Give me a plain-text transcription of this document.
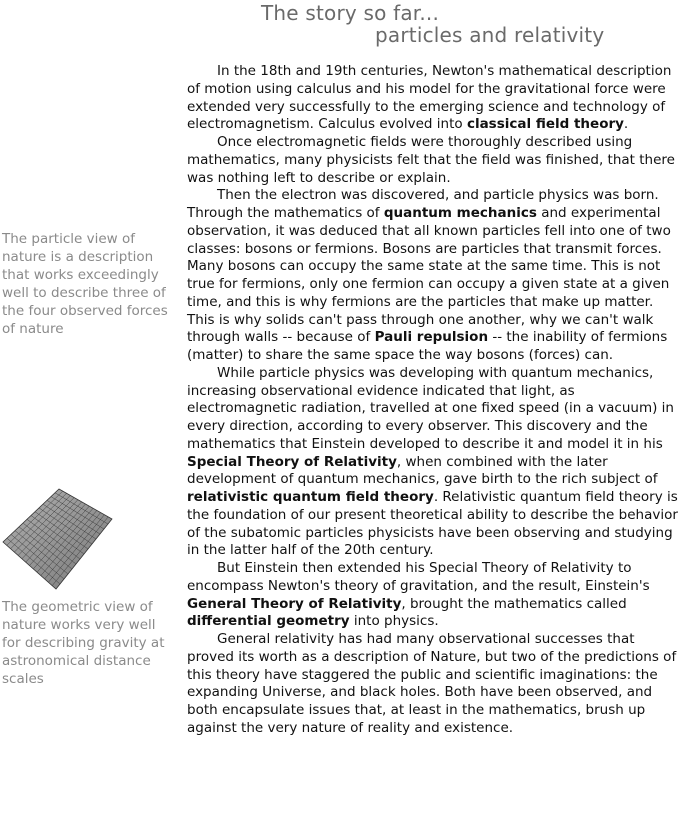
The story so far...
particles and relativity
The particle view of nature is a description that works exceedingly well to describe three of the four observed forces of nature
The geometric view of nature works very well for describing gravity at astronomical distance scales

In the 18th and 19th centuries, Newton's mathematical description of motion using calculus and his model for the gravitational force were extended very successfully to the emerging science and technology of electromagnetism. Calculus evolved into classical field theory.

Once electromagnetic fields were thoroughly described using mathematics, many physicists felt that the field was finished, that there was nothing left to describe or explain.

Then the electron was discovered, and particle physics was born. Through the mathematics of quantum mechanics and experimental observation, it was deduced that all known particles fell into one of two classes: bosons or fermions. Bosons are particles that transmit forces. Many bosons can occupy the same state at the same time. This is not true for fermions, only one fermion can occupy a given state at a given time, and this is why fermions are the particles that make up matter. This is why solids can't pass through one another, why we can't walk through walls -- because of Pauli repulsion -- the inability of fermions (matter) to share the same space the way bosons (forces) can.

While particle physics was developing with quantum mechanics, increasing observational evidence indicated that light, as electromagnetic radiation, travelled at one fixed speed (in a vacuum) in every direction, according to every observer. This discovery and the mathematics that Einstein developed to describe it and model it in his Special Theory of Relativity, when combined with the later development of quantum mechanics, gave birth to the rich subject of relativistic quantum field theory. Relativistic quantum field theory is the foundation of our present theoretical ability to describe the behavior of the subatomic particles physicists have been observing and studying in the latter half of the 20th century.

But Einstein then extended his Special Theory of Relativity to encompass Newton's theory of gravitation, and the result, Einstein's General Theory of Relativity, brought the mathematics called differential geometry into physics.

General relativity has had many observational successes that proved its worth as a description of Nature, but two of the predictions of this theory have staggered the public and scientific imaginations: the expanding Universe, and black holes. Both have been observed, and both encapsulate issues that, at least in the mathematics, brush up against the very nature of reality and existence.
